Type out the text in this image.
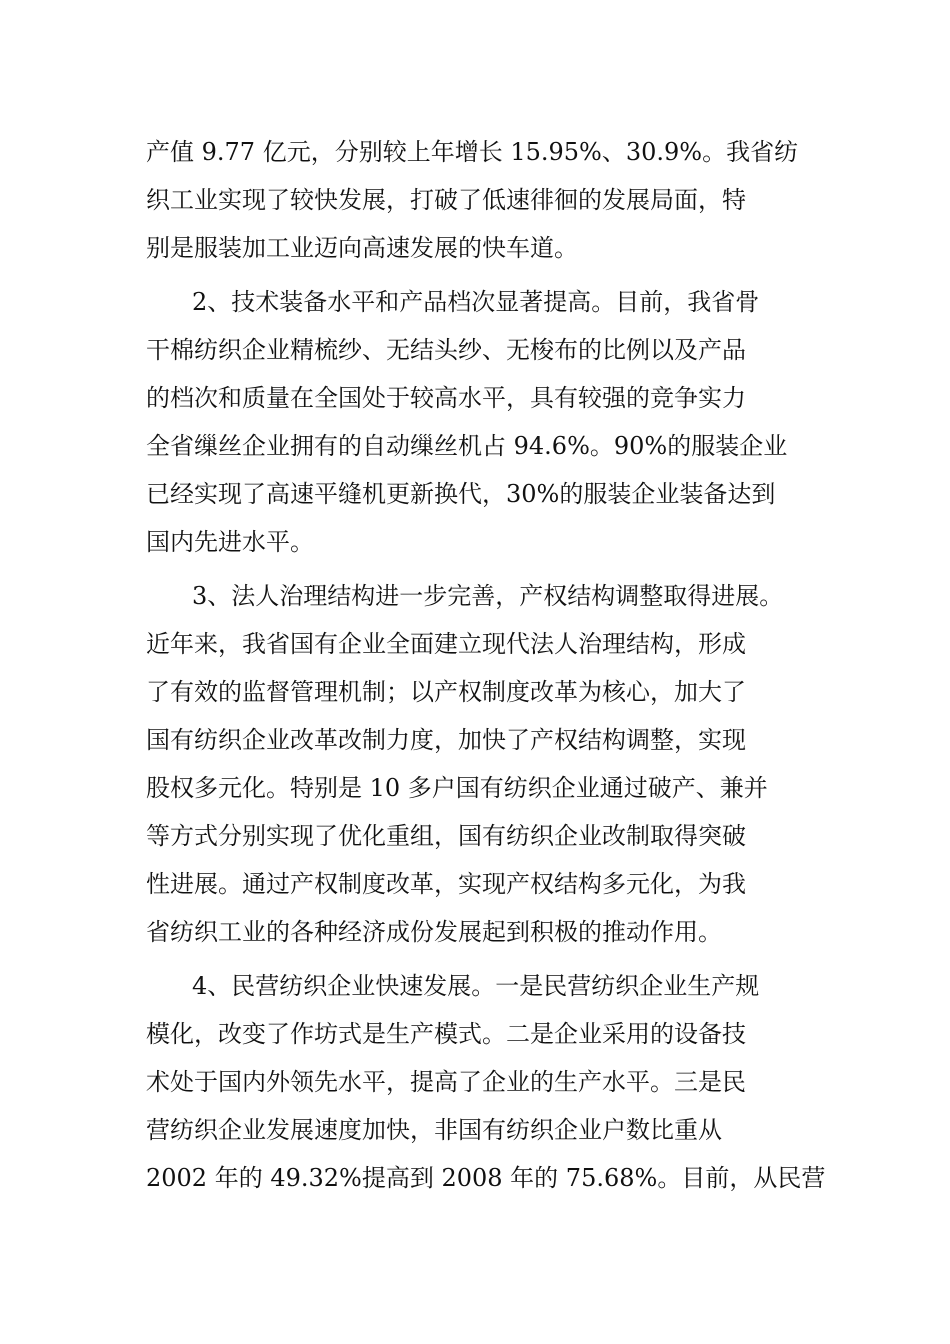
产值 9.77 亿元，分别较上年增长 15.95%、30.9%。我省纺
织工业实现了较快发展，打破了低速徘徊的发展局面，特
别是服装加工业迈向高速发展的快车道。
2、技术装备水平和产品档次显著提高。目前，我省骨
干棉纺织企业精梳纱、无结头纱、无梭布的比例以及产品
的档次和质量在全国处于较高水平，具有较强的竞争实力
全省缫丝企业拥有的自动缫丝机占 94.6%。90%的服装企业
已经实现了高速平缝机更新换代，30%的服装企业装备达到
国内先进水平。
3、法人治理结构进一步完善，产权结构调整取得进展。
近年来，我省国有企业全面建立现代法人治理结构，形成
了有效的监督管理机制；以产权制度改革为核心，加大了
国有纺织企业改革改制力度，加快了产权结构调整，实现
股权多元化。特别是 10 多户国有纺织企业通过破产、兼并
等方式分别实现了优化重组，国有纺织企业改制取得突破
性进展。通过产权制度改革，实现产权结构多元化，为我
省纺织工业的各种经济成份发展起到积极的推动作用。
4、民营纺织企业快速发展。一是民营纺织企业生产规
模化，改变了作坊式是生产模式。二是企业采用的设备技
术处于国内外领先水平，提高了企业的生产水平。三是民
营纺织企业发展速度加快，非国有纺织企业户数比重从
2002 年的 49.32%提高到 2008 年的 75.68%。目前，从民营
